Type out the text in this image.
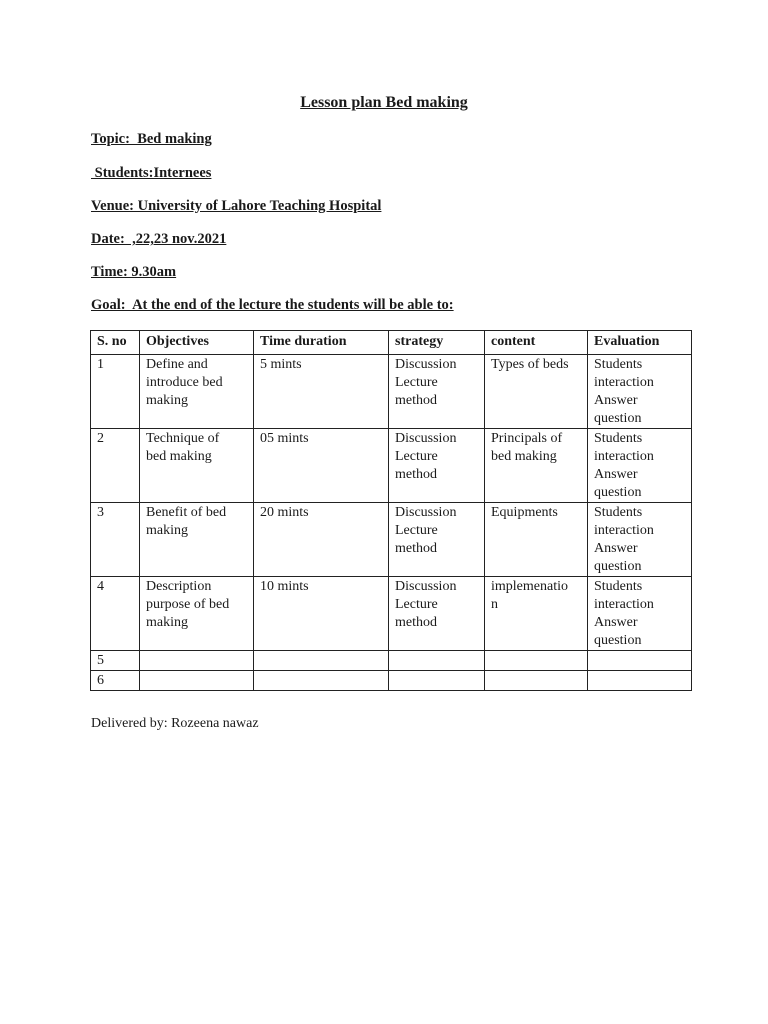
Lesson plan Bed making
Topic:  Bed making
Students:Internees
Venue: University of Lahore Teaching Hospital
Date:  ,22,23 nov.2021
Time: 9.30am
Goal:  At the end of the lecture the students will be able to:
S. no	Objectives	Time duration	strategy	content	Evaluation
1	Define and
introduce bed
making	5 mints	Discussion
Lecture
method	Types of beds	Students
interaction
Answer
question
2	Technique of
bed making	05 mints	Discussion
Lecture
method	Principals of
bed making	Students
interaction
Answer
question
3	Benefit of bed
making	20 mints	Discussion
Lecture
method	Equipments	Students
interaction
Answer
question
4	Description
purpose of bed
making	10 mints	Discussion
Lecture
method	implemenatio
n	Students
interaction
Answer
question
5					
6					
Delivered by: Rozeena nawaz
